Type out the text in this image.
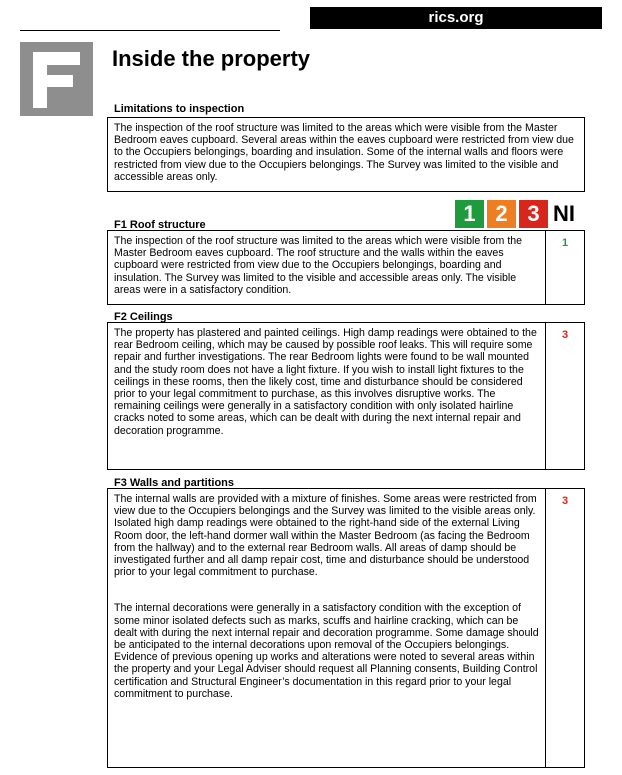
rics.org
Inside the property
Limitations to inspection
The inspection of the roof structure was limited to the areas which were visible from the Master Bedroom eaves cupboard. Several areas within the eaves cupboard were restricted from view due to the Occupiers belongings, boarding and insulation. Some of the internal walls and floors were restricted from view due to the Occupiers belongings. The Survey was limited to the visible and accessible areas only.
1 2 3 NI
F1 Roof structure
The inspection of the roof structure was limited to the areas which were visible from the Master Bedroom eaves cupboard. The roof structure and the walls within the eaves cupboard were restricted from view due to the Occupiers belongings, boarding and insulation. The Survey was limited to the visible and accessible areas only. The visible areas were in a satisfactory condition.
1
F2 Ceilings
The property has plastered and painted ceilings. High damp readings were obtained to the rear Bedroom ceiling, which may be caused by possible roof leaks. This will require some repair and further investigations. The rear Bedroom lights were found to be wall mounted and the study room does not have a light fixture. If you wish to install light fixtures to the ceilings in these rooms, then the likely cost, time and disturbance should be considered prior to your legal commitment to purchase, as this involves disruptive works. The remaining ceilings were generally in a satisfactory condition with only isolated hairline cracks noted to some areas, which can be dealt with during the next internal repair and decoration programme.
3
F3 Walls and partitions

The internal walls are provided with a mixture of finishes. Some areas were restricted from view due to the Occupiers belongings and the Survey was limited to the visible areas only. Isolated high damp readings were obtained to the right-hand side of the external Living Room door, the left-hand dormer wall within the Master Bedroom (as facing the Bedroom from the hallway) and to the external rear Bedroom walls. All areas of damp should be investigated further and all damp repair cost, time and disturbance should be understood prior to your legal commitment to purchase.

The internal decorations were generally in a satisfactory condition with the exception of some minor isolated defects such as marks, scuffs and hairline cracking, which can be dealt with during the next internal repair and decoration programme. Some damage should be anticipated to the internal decorations upon removal of the Occupiers belongings. Evidence of previous opening up works and alterations were noted to several areas within the property and your Legal Adviser should request all Planning consents, Building Control certification and Structural Engineer’s documentation in this regard prior to your legal commitment to purchase.

3
